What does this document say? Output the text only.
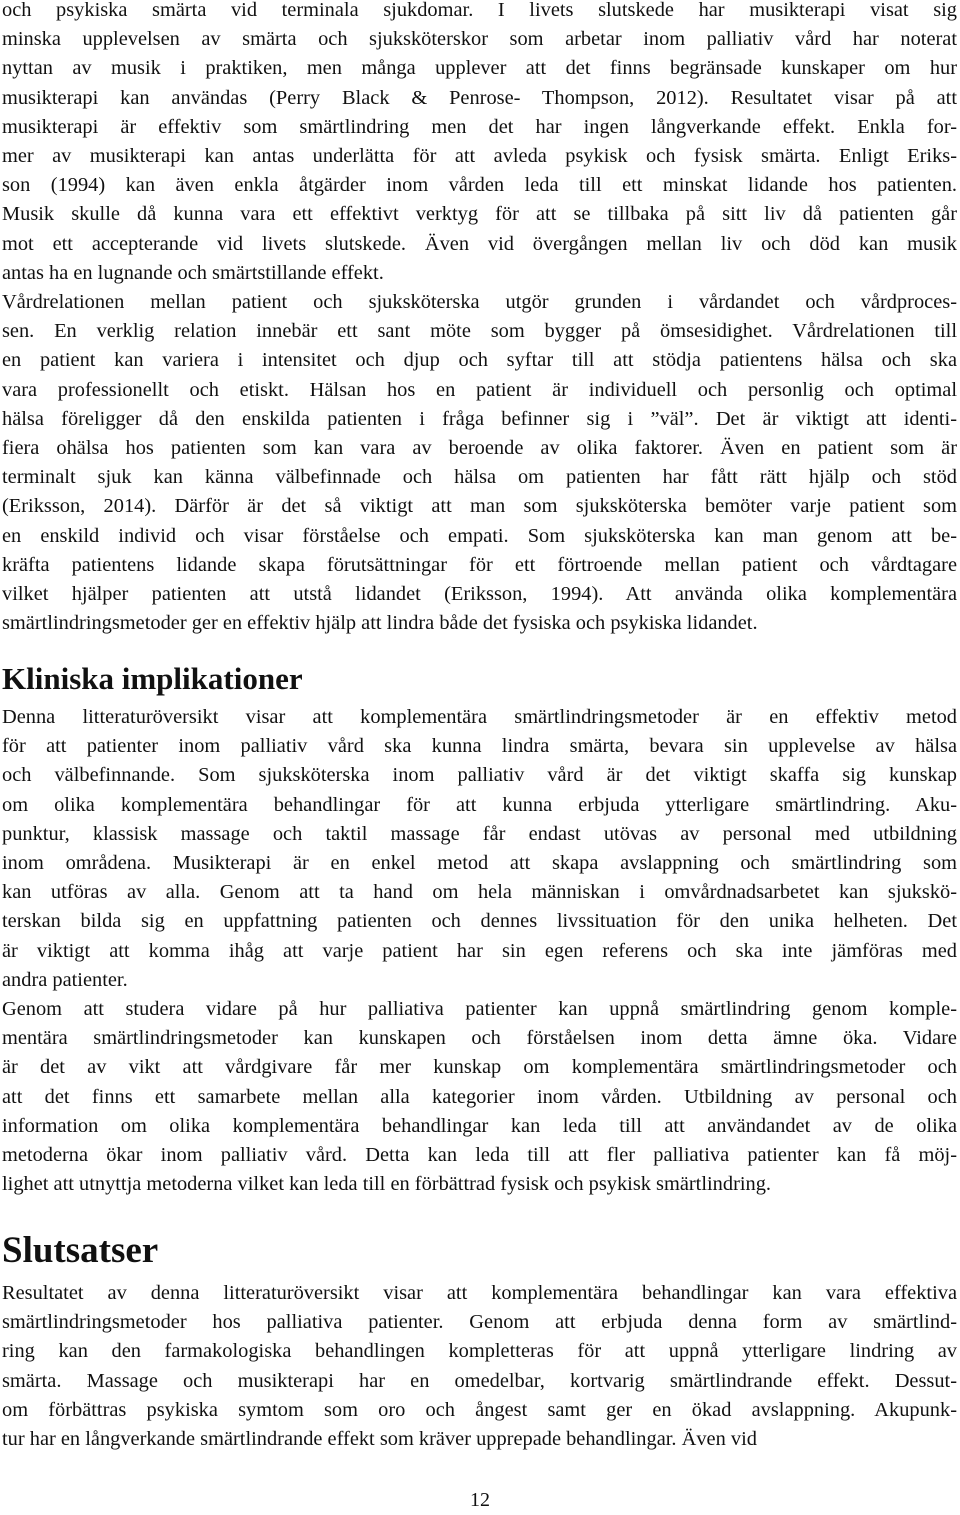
och psykiska smärta vid terminala sjukdomar. I livets slutskede har musikterapi visat sig
minska upplevelsen av smärta och sjuksköterskor som arbetar inom palliativ vård har noterat
nyttan av musik i praktiken, men många upplever att det finns begränsade kunskaper om hur
musikterapi kan användas (Perry Black & Penrose- Thompson, 2012). Resultatet visar på att
musikterapi är effektiv som smärtlindring men det har ingen långverkande effekt. Enkla for-
mer av musikterapi kan antas underlätta för att avleda psykisk och fysisk smärta. Enligt Eriks-
son (1994) kan även enkla åtgärder inom vården leda till ett minskat lidande hos patienten.
Musik skulle då kunna vara ett effektivt verktyg för att se tillbaka på sitt liv då patienten går
mot ett accepterande vid livets slutskede. Även vid övergången mellan liv och död kan musik
antas ha en lugnande och smärtstillande effekt.
Vårdrelationen mellan patient och sjuksköterska utgör grunden i vårdandet och vårdproces-
sen. En verklig relation innebär ett sant möte som bygger på ömsesidighet. Vårdrelationen till
en patient kan variera i intensitet och djup och syftar till att stödja patientens hälsa och ska
vara professionellt och etiskt. Hälsan hos en patient är individuell och personlig och optimal
hälsa föreligger då den enskilda patienten i fråga befinner sig i ”väl”. Det är viktigt att identi-
fiera ohälsa hos patienten som kan vara av beroende av olika faktorer. Även en patient som är
terminalt sjuk kan känna välbefinnade och hälsa om patienten har fått rätt hjälp och stöd
(Eriksson, 2014). Därför är det så viktigt att man som sjuksköterska bemöter varje patient som
en enskild individ och visar förståelse och empati. Som sjuksköterska kan man genom att be-
kräfta patientens lidande skapa förutsättningar för ett förtroende mellan patient och vårdtagare
vilket hjälper patienten att utstå lidandet (Eriksson, 1994). Att använda olika komplementära
smärtlindringsmetoder ger en effektiv hjälp att lindra både det fysiska och psykiska lidandet.
Kliniska implikationer
Denna litteraturöversikt visar att komplementära smärtlindringsmetoder är en effektiv metod
för att patienter inom palliativ vård ska kunna lindra smärta, bevara sin upplevelse av hälsa
och välbefinnande. Som sjuksköterska inom palliativ vård är det viktigt skaffa sig kunskap
om olika komplementära behandlingar för att kunna erbjuda ytterligare smärtlindring. Aku-
punktur, klassisk massage och taktil massage får endast utövas av personal med utbildning
inom områdena. Musikterapi är en enkel metod att skapa avslappning och smärtlindring som
kan utföras av alla. Genom att ta hand om hela människan i omvårdnadsarbetet kan sjukskö-
terskan bilda sig en uppfattning patienten och dennes livssituation för den unika helheten. Det
är viktigt att komma ihåg att varje patient har sin egen referens och ska inte jämföras med
andra patienter.
Genom att studera vidare på hur palliativa patienter kan uppnå smärtlindring genom komple-
mentära smärtlindringsmetoder kan kunskapen och förståelsen inom detta ämne öka. Vidare
är det av vikt att vårdgivare får mer kunskap om komplementära smärtlindringsmetoder och
att det finns ett samarbete mellan alla kategorier inom vården. Utbildning av personal och
information om olika komplementära behandlingar kan leda till att användandet av de olika
metoderna ökar inom palliativ vård. Detta kan leda till att fler palliativa patienter kan få möj-
lighet att utnyttja metoderna vilket kan leda till en förbättrad fysisk och psykisk smärtlindring.
Slutsatser
Resultatet av denna litteraturöversikt visar att komplementära behandlingar kan vara effektiva
smärtlindringsmetoder hos palliativa patienter. Genom att erbjuda denna form av smärtlind-
ring kan den farmakologiska behandlingen kompletteras för att uppnå ytterligare lindring av
smärta. Massage och musikterapi har en omedelbar, kortvarig smärtlindrande effekt. Dessut-
om förbättras psykiska symtom som oro och ångest samt ger en ökad avslappning. Akupunk-
tur har en långverkande smärtlindrande effekt som kräver upprepade behandlingar. Även vid
12
